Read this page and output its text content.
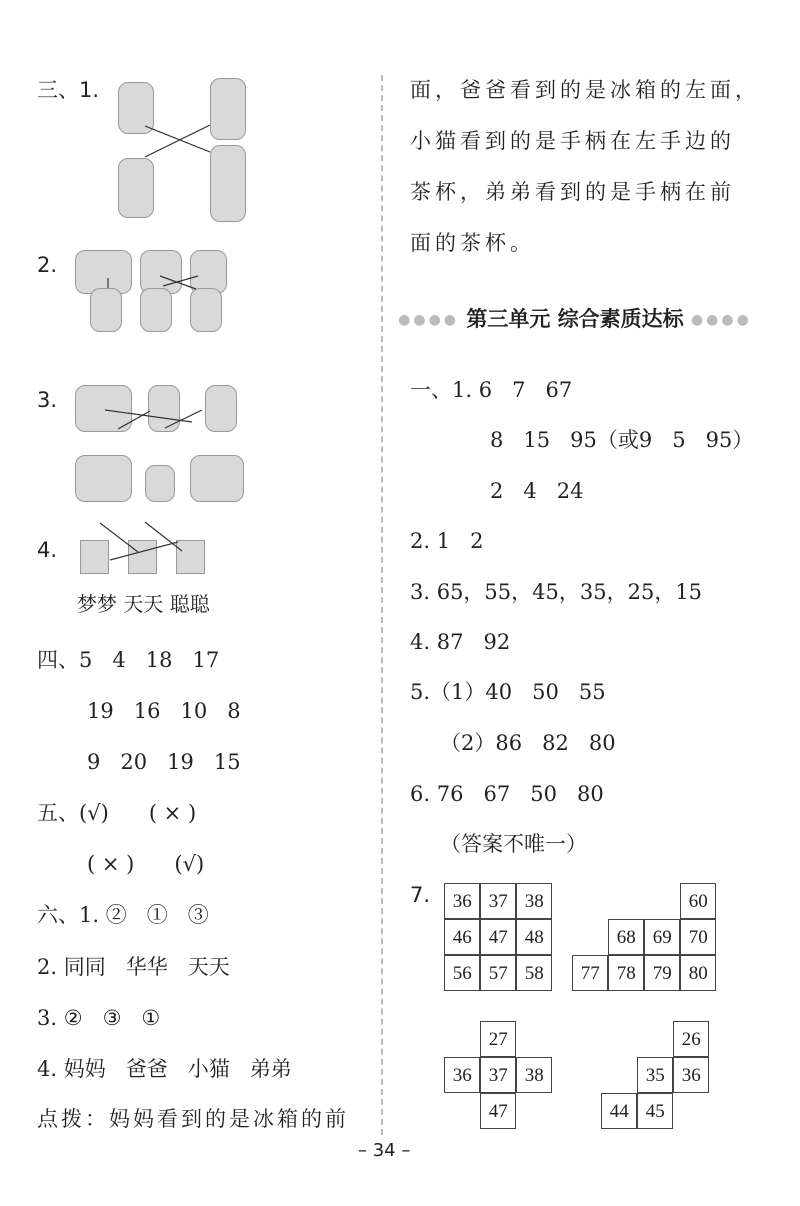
三、1.
2.
3.
4.
梦梦 天天 聪聪
四、5   4   18   17
19   16   10   8
9   20   19   15
五、(√)      ( × )
( × )      (√)
六、1. ②   ①   ③
2. 同同   华华   天天
3. ②   ③   ①
4. 妈妈   爸爸   小猫   弟弟
点拨：妈妈看到的是冰箱的前
面，爸爸看到的是冰箱的左面，
小猫看到的是手柄在左手边的
茶杯，弟弟看到的是手柄在前
面的茶杯。
●●●● 第三单元 综合素质达标 ●●●●
一、1. 6   7   67
8   15   95（或9   5   95）
2   4   24
2. 1   2
3. 65，55，45，35，25，15
4. 87   92
5.（1）40   50   55
（2）86   82   80
6. 76   67   50   80
（答案不唯一）
7.	36 37 38
46 47 48
56 57 58
60
68 69 70
77 78 79 80
27
36 37 38
47
26
35 36
44 45
– 34 –
